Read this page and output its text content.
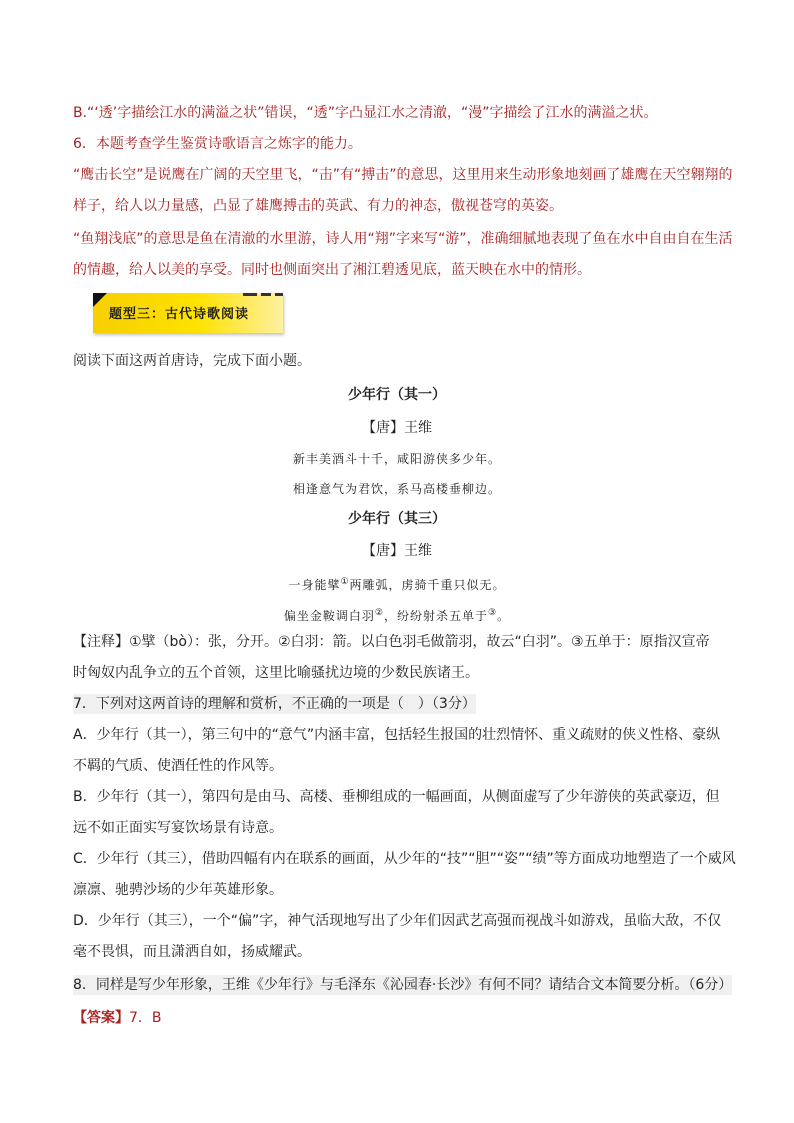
B.“‘透’字描绘江水的满溢之状”错误，“透”字凸显江水之清澈，“漫”字描绘了江水的满溢之状。
6．本题考查学生鉴赏诗歌语言之炼字的能力。
“鹰击长空”是说鹰在广阔的天空里飞，“击”有“搏击”的意思，这里用来生动形象地刻画了雄鹰在天空翱翔的
样子，给人以力量感，凸显了雄鹰搏击的英武、有力的神态，傲视苍穹的英姿。
“鱼翔浅底”的意思是鱼在清澈的水里游，诗人用“翔”字来写“游”，准确细腻地表现了鱼在水中自由自在生活
的情趣，给人以美的享受。同时也侧面突出了湘江碧透见底，蓝天映在水中的情形。
题型三：古代诗歌阅读
阅读下面这两首唐诗，完成下面小题。
少年行（其一）
【唐】王维
新丰美酒斗十千，咸阳游侠多少年。
相逢意气为君饮，系马高楼垂柳边。
少年行（其三）
【唐】王维
一身能擘①两雕弧，虏骑千重只似无。
偏坐金鞍调白羽②，纷纷射杀五单于③。
【注释】①擘（bò）：张，分开。②白羽：箭。以白色羽毛做箭羽，故云“白羽”。③五单于：原指汉宣帝
时匈奴内乱争立的五个首领，这里比喻骚扰边境的少数民族诸王。
7．下列对这两首诗的理解和赏析，不正确的一项是（　）（3分）
A．少年行（其一），第三句中的“意气”内涵丰富，包括轻生报国的壮烈情怀、重义疏财的侠义性格、豪纵
不羁的气质、使酒任性的作风等。
B．少年行（其一），第四句是由马、高楼、垂柳组成的一幅画面，从侧面虚写了少年游侠的英武豪迈，但
远不如正面实写宴饮场景有诗意。
C．少年行（其三），借助四幅有内在联系的画面，从少年的“技”“胆”“姿”“绩”等方面成功地塑造了一个威风
凛凛、驰骋沙场的少年英雄形象。
D．少年行（其三），一个“偏”字，神气活现地写出了少年们因武艺高强而视战斗如游戏，虽临大敌，不仅
毫不畏惧，而且潇洒自如，扬威耀武。
8．同样是写少年形象，王维《少年行》与毛泽东《沁园春·长沙》有何不同？请结合文本简要分析。（6分）
【答案】7．B
